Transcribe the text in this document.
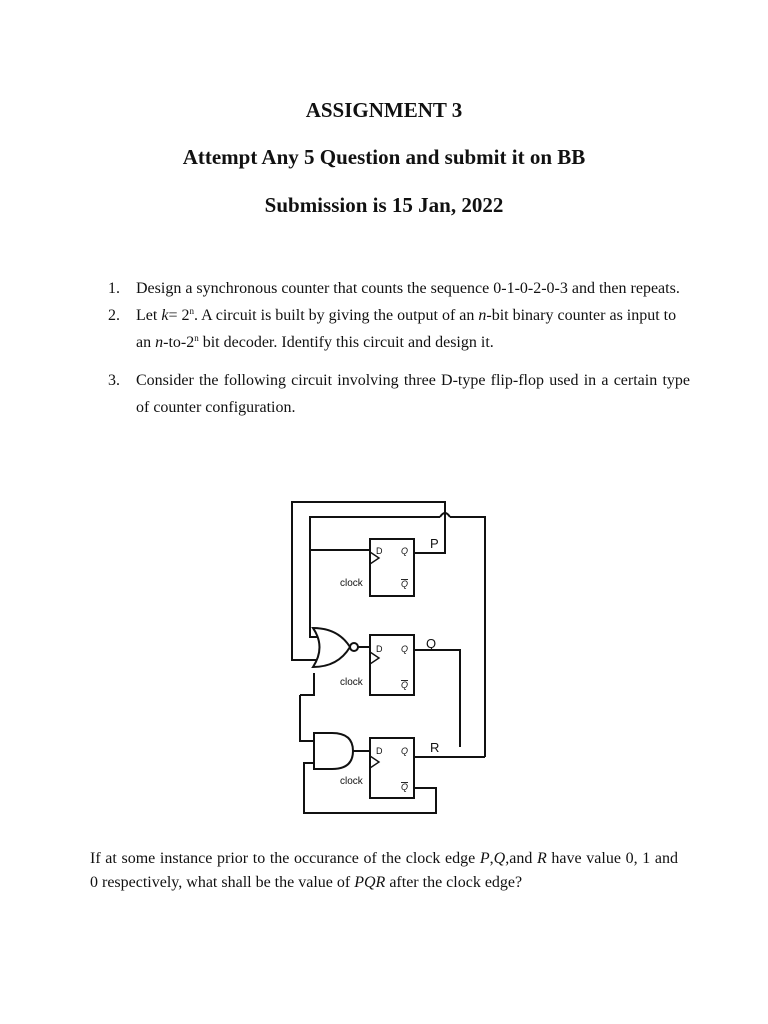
ASSIGNMENT 3
Attempt Any 5 Question and submit it on BB
Submission is 15 Jan, 2022
1.	Design a synchronous counter that counts the sequence 0-1-0-2-0-3 and then repeats.
2.	Let $k= 2^n$. A circuit is built by giving the output of an n-bit binary counter as input to an n-to-2$^n$ bit decoder. Identify this circuit and design it.
3.	Consider the following circuit involving three D-type flip-flop used in a certain type of counter configuration.
D Q
Q
D Q
Q
D Q
Q
clock
clock
clock
P
Q
R
If at some instance prior to the occurance of the clock edge P,Q,and R have value 0, 1 and 0 respectively, what shall be the value of PQR after the clock edge?
